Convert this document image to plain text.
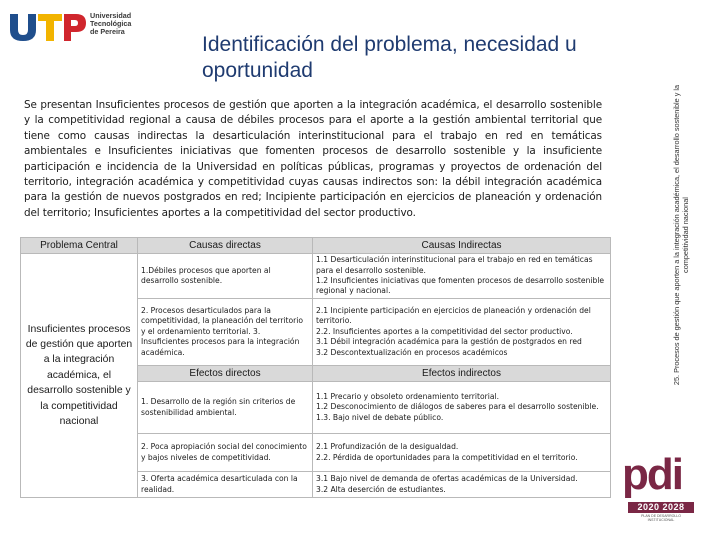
Universidad
Tecnológica
de Pereira
Identificación del problema, necesidad u oportunidad
Se presentan Insuficientes procesos de gestión que aporten a la integración académica, el desarrollo sostenible y la competitividad regional a causa de débiles procesos para el aporte a la gestión ambiental territorial que tiene como causas indirectas la desarticulación interinstitucional para el trabajo en red en temáticas ambientales e Insuficientes iniciativas que fomenten procesos de desarrollo sostenible y la insuficiente participación e incidencia de la Universidad en políticas públicas, programas y proyectos de ordenación del territorio, integración académica y competitividad cuyas causas indirectos son: la débil integración académica para la gestión de nuevos postgrados en red; Incipiente participación en ejercicios de planeación y ordenación del territorio; Insuficientes aportes a la competitividad del sector productivo.	25. Procesos de gestión que aporten a la integración académica, el desarrollo sostenible y la competitividad nacional
Problema Central	Causas directas	Causas Indirectas
Insuficientes procesos de gestión que aporten a la integración académica, el desarrollo sostenible y la competitividad nacional	1.Débiles procesos que aporten al desarrollo sostenible.	1.1 Desarticulación interinstitucional para el trabajo en red en temáticas para el desarrollo sostenible.
1.2 Insuficientes iniciativas que fomenten procesos de desarrollo sostenible regional y nacional.

	2. Procesos desarticulados para la competitividad, la planeación del territorio y el ordenamiento territorial. 3. Insuficientes procesos para la integración académica.	2.1 Incipiente participación en ejercicios de planeación y ordenación del territorio.
2.2. Insuficientes aportes a la competitividad del sector productivo.
3.1 Débil integración académica para la gestión de postgrados en red
3.2 Descontextualización en procesos académicos

	Efectos directos	Efectos indirectos
	1. Desarrollo de la región sin criterios de sostenibilidad ambiental.	1.1 Precario y obsoleto ordenamiento territorial.
1.2 Desconocimiento de diálogos de saberes para el desarrollo sostenible.
1.3. Bajo nivel de debate público.

	2. Poca apropiación social del conocimiento y bajos niveles de competitividad.	2.1 Profundización de la desigualdad.
2.2. Pérdida de oportunidades para la competitividad en el territorio.

	3. Oferta académica desarticulada con la realidad.	3.1 Bajo nivel de demanda de ofertas académicas de la Universidad.
3.2 Alta deserción de estudiantes.	pdi
2020 2028
PLAN DE DESARROLLO INSTITUCIONAL
